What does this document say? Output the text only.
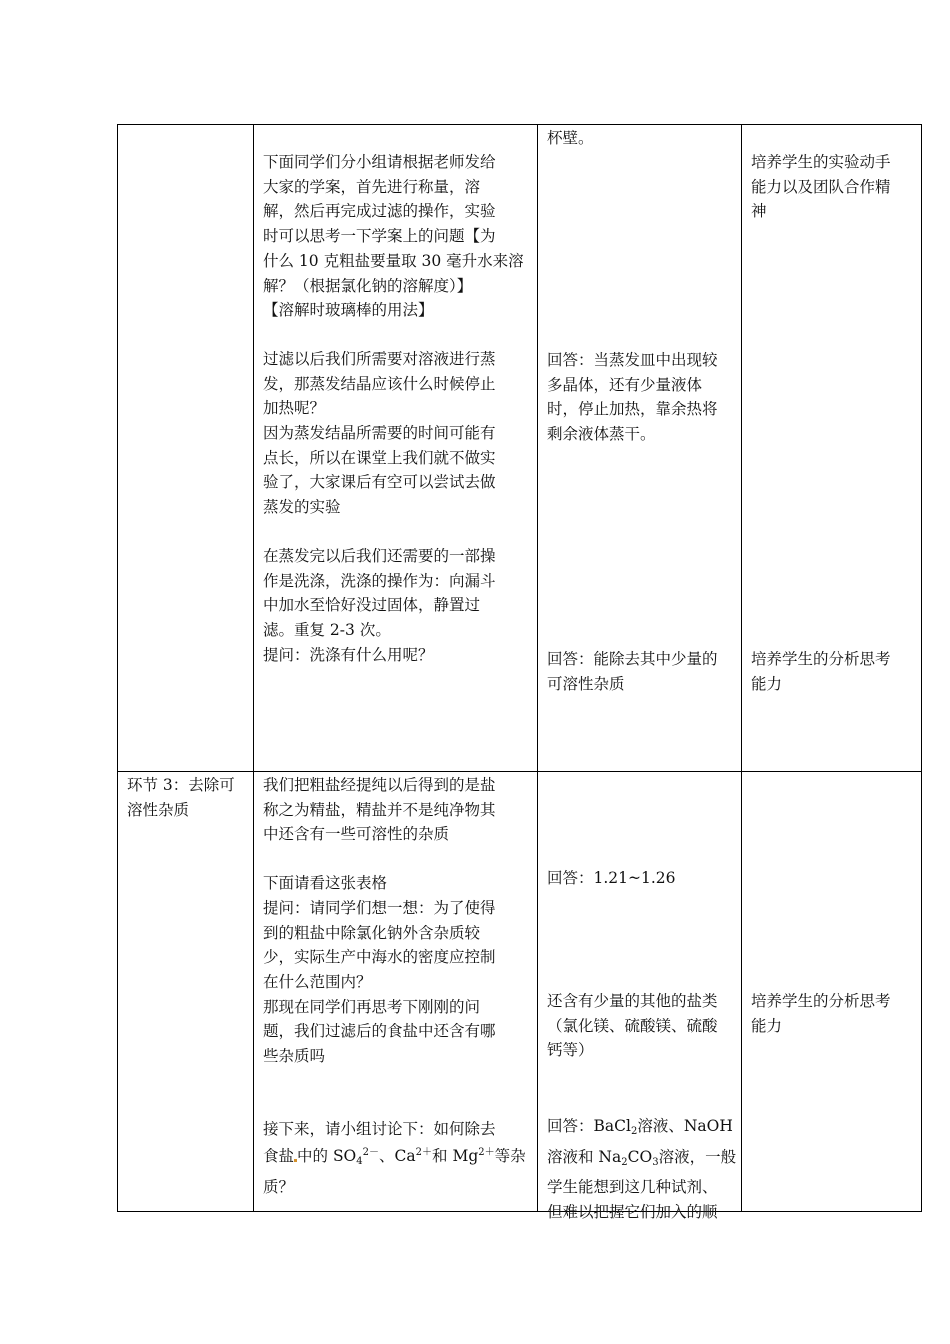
下面同学们分小组请根据老师发给
大家的学案，首先进行称量，溶
解，然后再完成过滤的操作，实验
时可以思考一下学案上的问题【为
什么 10 克粗盐要量取 30 毫升水来溶
解？（根据氯化钠的溶解度）】
【溶解时玻璃棒的用法】

过滤以后我们所需要对溶液进行蒸
发，那蒸发结晶应该什么时候停止
加热呢？
因为蒸发结晶所需要的时间可能有
点长，所以在课堂上我们就不做实
验了，大家课后有空可以尝试去做
蒸发的实验

在蒸发完以后我们还需要的一部操
作是洗涤，洗涤的操作为：向漏斗
中加水至恰好没过固体，静置过
滤。重复 2-3 次。
提问：洗涤有什么用呢？

杯壁。

回答：当蒸发皿中出现较
多晶体，还有少量液体
时，停止加热，靠余热将
剩余液体蒸干。

回答：能除去其中少量的
可溶性杂质

培养学生的实验动手
能力以及团队合作精
神

培养学生的分析思考
能力

环节 3：去除可
溶性杂质

我们把粗盐经提纯以后得到的是盐
称之为精盐，精盐并不是纯净物其
中还含有一些可溶性的杂质

下面请看这张表格
提问：请同学们想一想：为了使得
到的粗盐中除氯化钠外含杂质较
少，实际生产中海水的密度应控制
在什么范围内？
那现在同学们再思考下刚刚的问
题，我们过滤后的食盐中还含有哪
些杂质吗

接下来，请小组讨论下：如何除去

食盐 中的 $SO_4^{2-}$、$Ca^{2+}$和 $Mg^{2+}$等杂

质？

回答：1.21~1.26

还含有少量的其他的盐类
（氯化镁、硫酸镁、硫酸
钙等）

回答：BaCl$_2$溶液、NaOH

溶液和 $Na_2CO_3$溶液，一般

学生能想到这几种试剂、
但难以把握它们加入的顺

培养学生的分析思考
能力
